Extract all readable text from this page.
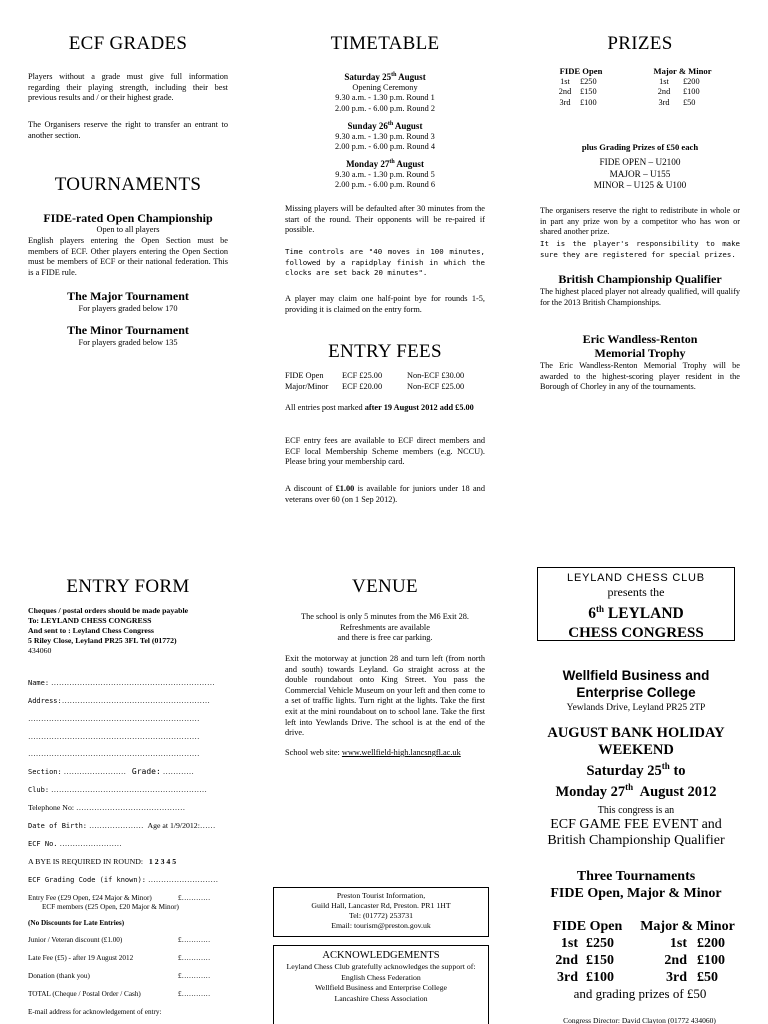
ECF GRADES

Players without a grade must give full information regarding their playing strength, including their best previous results and / or their highest grade.

The Organisers reserve the right to transfer an entrant to another section.

TOURNAMENTS
FIDE-rated Open Championship
Open to all players

English players entering the Open Section must be members of ECF. Other players entering the Open Section must be members of ECF or their national federation. This is a FIDE rule.

The Major Tournament
For players graded below 170
The Minor Tournament
For players graded below 135
TIMETABLE
Saturday 25th August
Opening Ceremony
9.30 a.m. - 1.30 p.m. Round 1
2.00 p.m. - 6.00 p.m. Round 2
Sunday 26th August
9.30 a.m. - 1.30 p.m. Round 3
2.00 p.m. - 6.00 p.m. Round 4
Monday 27th August
9.30 a.m. - 1.30 p.m. Round 5
2.00 p.m. - 6.00 p.m. Round 6

Missing players will be defaulted after 30 minutes from the start of the round. Their opponents will be re-paired if possible.

Time controls are "40 moves in 100 minutes, followed by a rapidplay finish in which the clocks are set back 20 minutes".

A player may claim one half-point bye for rounds 1-5, providing it is claimed on the entry form.

ENTRY FEES
FIDE Open	ECF £25.00	Non-ECF £30.00
Major/Minor	ECF £20.00	Non-ECF £25.00

All entries post marked after 19 August 2012 add £5.00

ECF entry fees are available to ECF direct members and ECF local Membership Scheme members (e.g. NCCU). Please bring your membership card.

A discount of £1.00 is available for juniors under 18 and veterans over 60 (on 1 Sep 2012).

PRIZES
FIDE Open
1st	£250
2nd	£150
3rd	£100
Major & Minor
1st	£200
2nd	£100
3rd	£50
plus Grading Prizes of £50 each
FIDE OPEN – U2100
MAJOR – U155
MINOR – U125 & U100

The organisers reserve the right to redistribute in whole or in part any prize won by a competitor who has won or shared another prize.

It is the player's responsibility to make sure they are registered for special prizes.

British Championship Qualifier

The highest placed player not already qualified, will qualify for the 2013 British Championships.

Eric Wandless-Renton
Memorial Trophy

The Eric Wandless-Renton Memorial Trophy will be awarded to the highest-scoring player resident in the Borough of Chorley in any of the tournaments.

ENTRY FORM
Cheques / postal orders should be made payable
To: LEYLAND CHESS CONGRESS
And sent to : Leyland Chess Congress
5 Riley Close, Leyland PR25 3FL Tel (01772)
434060
Name: ………………………………………………………
Address:…………………………………………………
…………………………………………………………
…………………………………………………………
…………………………………………………………
Section: ……………………   Grade: …………
Club: ……………………………………………………
Telephone No: ……………………………………
Date of Birth: …………………  Age at 1/9/2012:……
ECF No. ……………………
A BYE IS REQUIRED IN ROUND: 1 2 3 4 5
ECF Grading Code (if known): ………………………
Entry Fee (£29 Open, £24 Major & Minor)	£ …………
ECF members (£25 Open, £20 Major & Minor)
(No Discounts for Late Entries)
Junior / Veteran discount (£1.00)	£ …………
Late Fee (£5) - after 19 August 2012	£ …………
Donation (thank you)	£ …………
TOTAL (Cheque / Postal Order / Cash)	£ …………
E-mail address for acknowledgement of entry:
VENUE
The school is only 5 minutes from the M6 Exit 28.
Refreshments are available
and there is free car parking.

Exit the motorway at junction 28 and turn left (from north and south) towards Leyland. Go straight across at the double roundabout onto King Street. You pass the Commercial Vehicle Museum on your left and then come to a set of traffic lights. Turn right at the lights. Take the first exit at the mini roundabout on to school lane. Take the first left into Yewlands Drive. The school is at the end of the drive.

School web site: www.wellfield-high.lancsngfl.ac.uk
Preston Tourist Information,
Guild Hall, Lancaster Rd, Preston. PR1 1HT
Tel: (01772) 253731
Email: tourism@preston.gov.uk
ACKNOWLEDGEMENTS
Leyland Chess Club gratefully acknowledges the support of:
English Chess Federation
Wellfield Business and Enterprise College
Lancashire Chess Association
LEYLAND CHESS CLUB
presents the
6th LEYLAND
CHESS CONGRESS
Wellfield Business and
Enterprise College
Yewlands Drive, Leyland PR25 2TP
AUGUST BANK HOLIDAY
WEEKEND
Saturday 25th to
Monday 27th  August 2012
This congress is an
ECF GAME FEE EVENT and
British Championship Qualifier
Three Tournaments
FIDE Open, Major & Minor
FIDE Open	Major & Minor
1st £250	1st £200
2nd £150	2nd £100
3rd £100	3rd £50
and grading prizes of £50
Congress Director: David Clayton (01772 434060)
